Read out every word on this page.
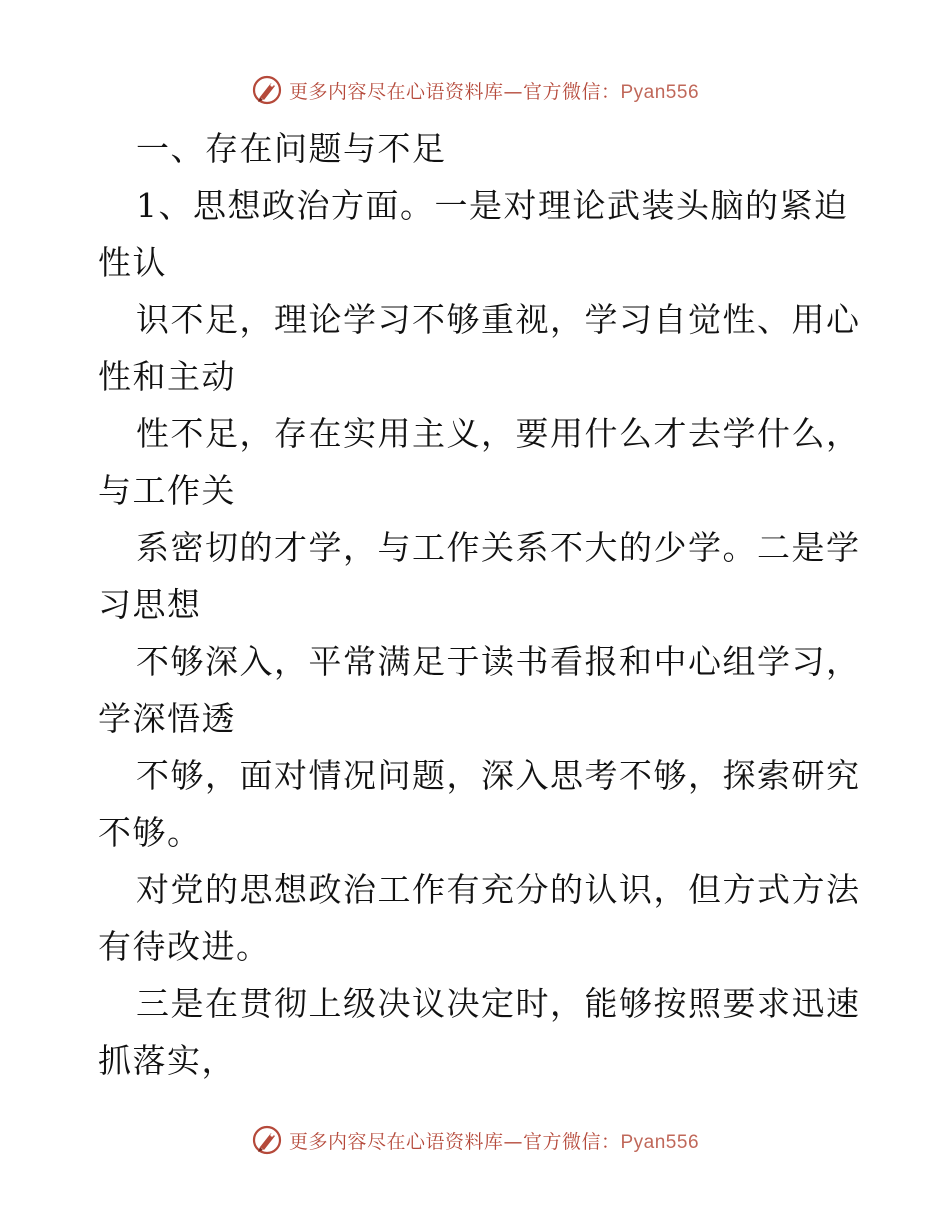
更多内容尽在心语资料库—官方微信：Pyan556
一、存在问题与不足
1、思想政治方面。一是对理论武装头脑的紧迫
性认
识不足，理论学习不够重视，学习自觉性、用心
性和主动
性不足，存在实用主义，要用什么才去学什么，
与工作关
系密切的才学，与工作关系不大的少学。二是学
习思想
不够深入，平常满足于读书看报和中心组学习，
学深悟透
不够，面对情况问题，深入思考不够，探索研究
不够。
对党的思想政治工作有充分的认识，但方式方法
有待改进。
三是在贯彻上级决议决定时，能够按照要求迅速
抓落实，
更多内容尽在心语资料库—官方微信：Pyan556
